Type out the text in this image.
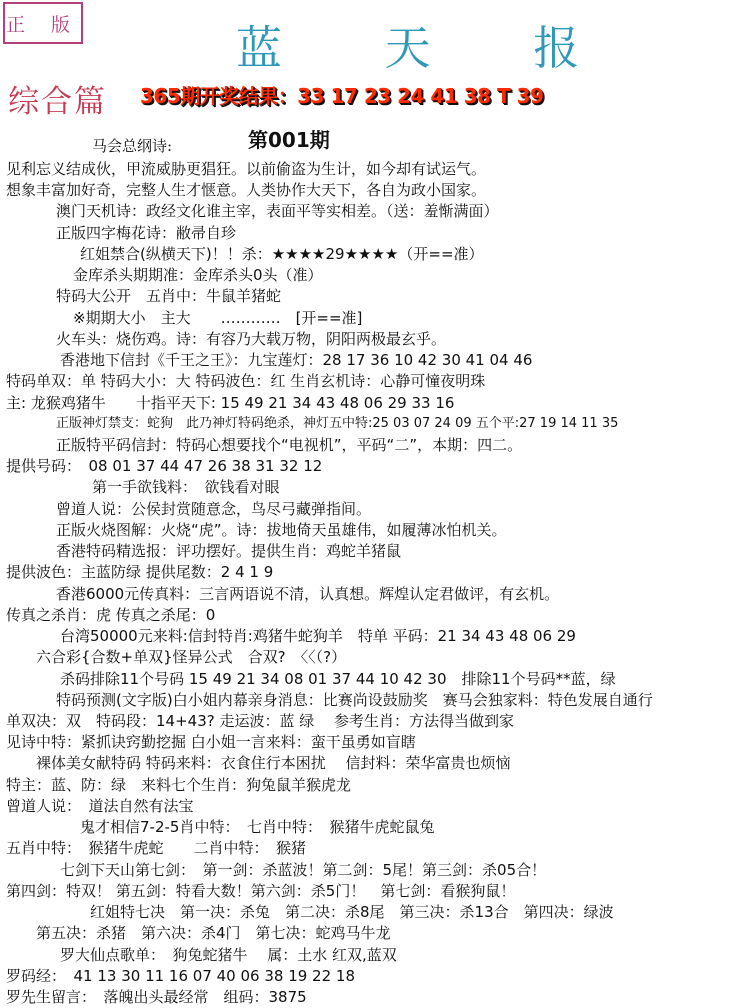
正 版	蓝 天 报
综合篇 365期开奖结果：33 17 23 24 41 38 T 39
马会总纲诗:	第001期
见利忘义结成伙，甲流威胁更猖狂。以前偷盗为生计，如今却有试运气。
想象丰富加好奇，完整人生才惬意。人类协作大天下，各自为政小国家。
澳门天机诗：政经文化谁主宰，表面平等实相差。（送：羞惭满面）
正版四字梅花诗：敝帚自珍
红姐禁合(纵横天下)！！杀：★★★★29★★★★（开==准）
金库杀头期期准：金库杀头0头（准）
特码大公开　五肖中：牛鼠羊猪蛇
※期期大小　主大　　…………　[开==准]
火车头：烧伤鸡。诗：有容乃大载万物，阴阳两极最玄乎。
香港地下信封《千王之王》：九宝莲灯：28 17 36 10 42 30 41 04 46
特码单双：单 特码大小：大 特码波色：红 生肖玄机诗：心静可憧夜明珠
主: 龙猴鸡猪牛　　十指平天下: 15 49 21 34 43 48 06 29 33 16
正版神灯禁支：蛇狗　此乃神灯特码绝杀，神灯五中特:25 03 07 24 09 五个平:27 19 14 11 35
正版特平码信封：特码心想要找个“电视机”，平码“二”，本期：四二。
提供号码：　08 01 37 44 47 26 38 31 32 12
第一手欲钱料：　欲钱看对眼
曾道人说：公侯封赏随意念，鸟尽弓藏弹指间。
正版火烧图解：火烧“虎”。诗：拔地倚天虽雄伟，如履薄冰怕机关。
香港特码精选报：评功摆好。提供生肖：鸡蛇羊猪鼠
提供波色：主蓝防绿 提供尾数：2 4 1 9
香港6000元传真料：三言两语说不清，认真想。辉煌认定君做评，有玄机。
传真之杀肖：虎 传真之杀尾：0
台湾50000元来料:信封特肖:鸡猪牛蛇狗羊　特单 平码：21 34 43 48 06 29
六合彩{合数+单双}怪异公式　合双?　〈〈（?）
杀码排除11个号码 15 49 21 34 08 01 37 44 10 42 30　排除11个号码**蓝，绿
特码预测(文字版)白小姐内幕亲身消息：比赛尚设鼓励奖　赛马会独家料：特色发展自通行
单双决：双　特码段：14+43? 走运波：蓝 绿　 参考生肖：方法得当做到家
见诗中特：紧抓诀窍勤挖掘 白小姐一言来料：蛮干虽勇如盲瞎
裸体美女献特码 特码来料：衣食住行本困扰　 信封料：荣华富贵也烦恼
特主：蓝、防：绿　来料七个生肖：狗兔鼠羊猴虎龙
曾道人说：　道法自然有法宝
鬼才相信7-2-5肖中特：　七肖中特：　猴猪牛虎蛇鼠兔
五肖中特：　猴猪牛虎蛇　　二肖中特：　猴猪
七剑下天山第七剑：　第一剑：杀蓝波！第二剑：5尾！第三剑：杀05合！
第四剑：特双！ 第五剑：特看大数！第六剑：杀5门！　第七剑：看猴狗鼠！
红姐特七决　第一决：杀兔　第二决：杀8尾　第三决：杀13合　第四决：绿波
第五决：杀猪　第六决：杀4门　第七决：蛇鸡马牛龙
罗大仙点歌单：　狗兔蛇猪牛　 属：土水 红双,蓝双
罗码经：　41 13 30 11 16 07 40 06 38 19 22 18
罗先生留言：　落魄出头最经常　组码：3875
